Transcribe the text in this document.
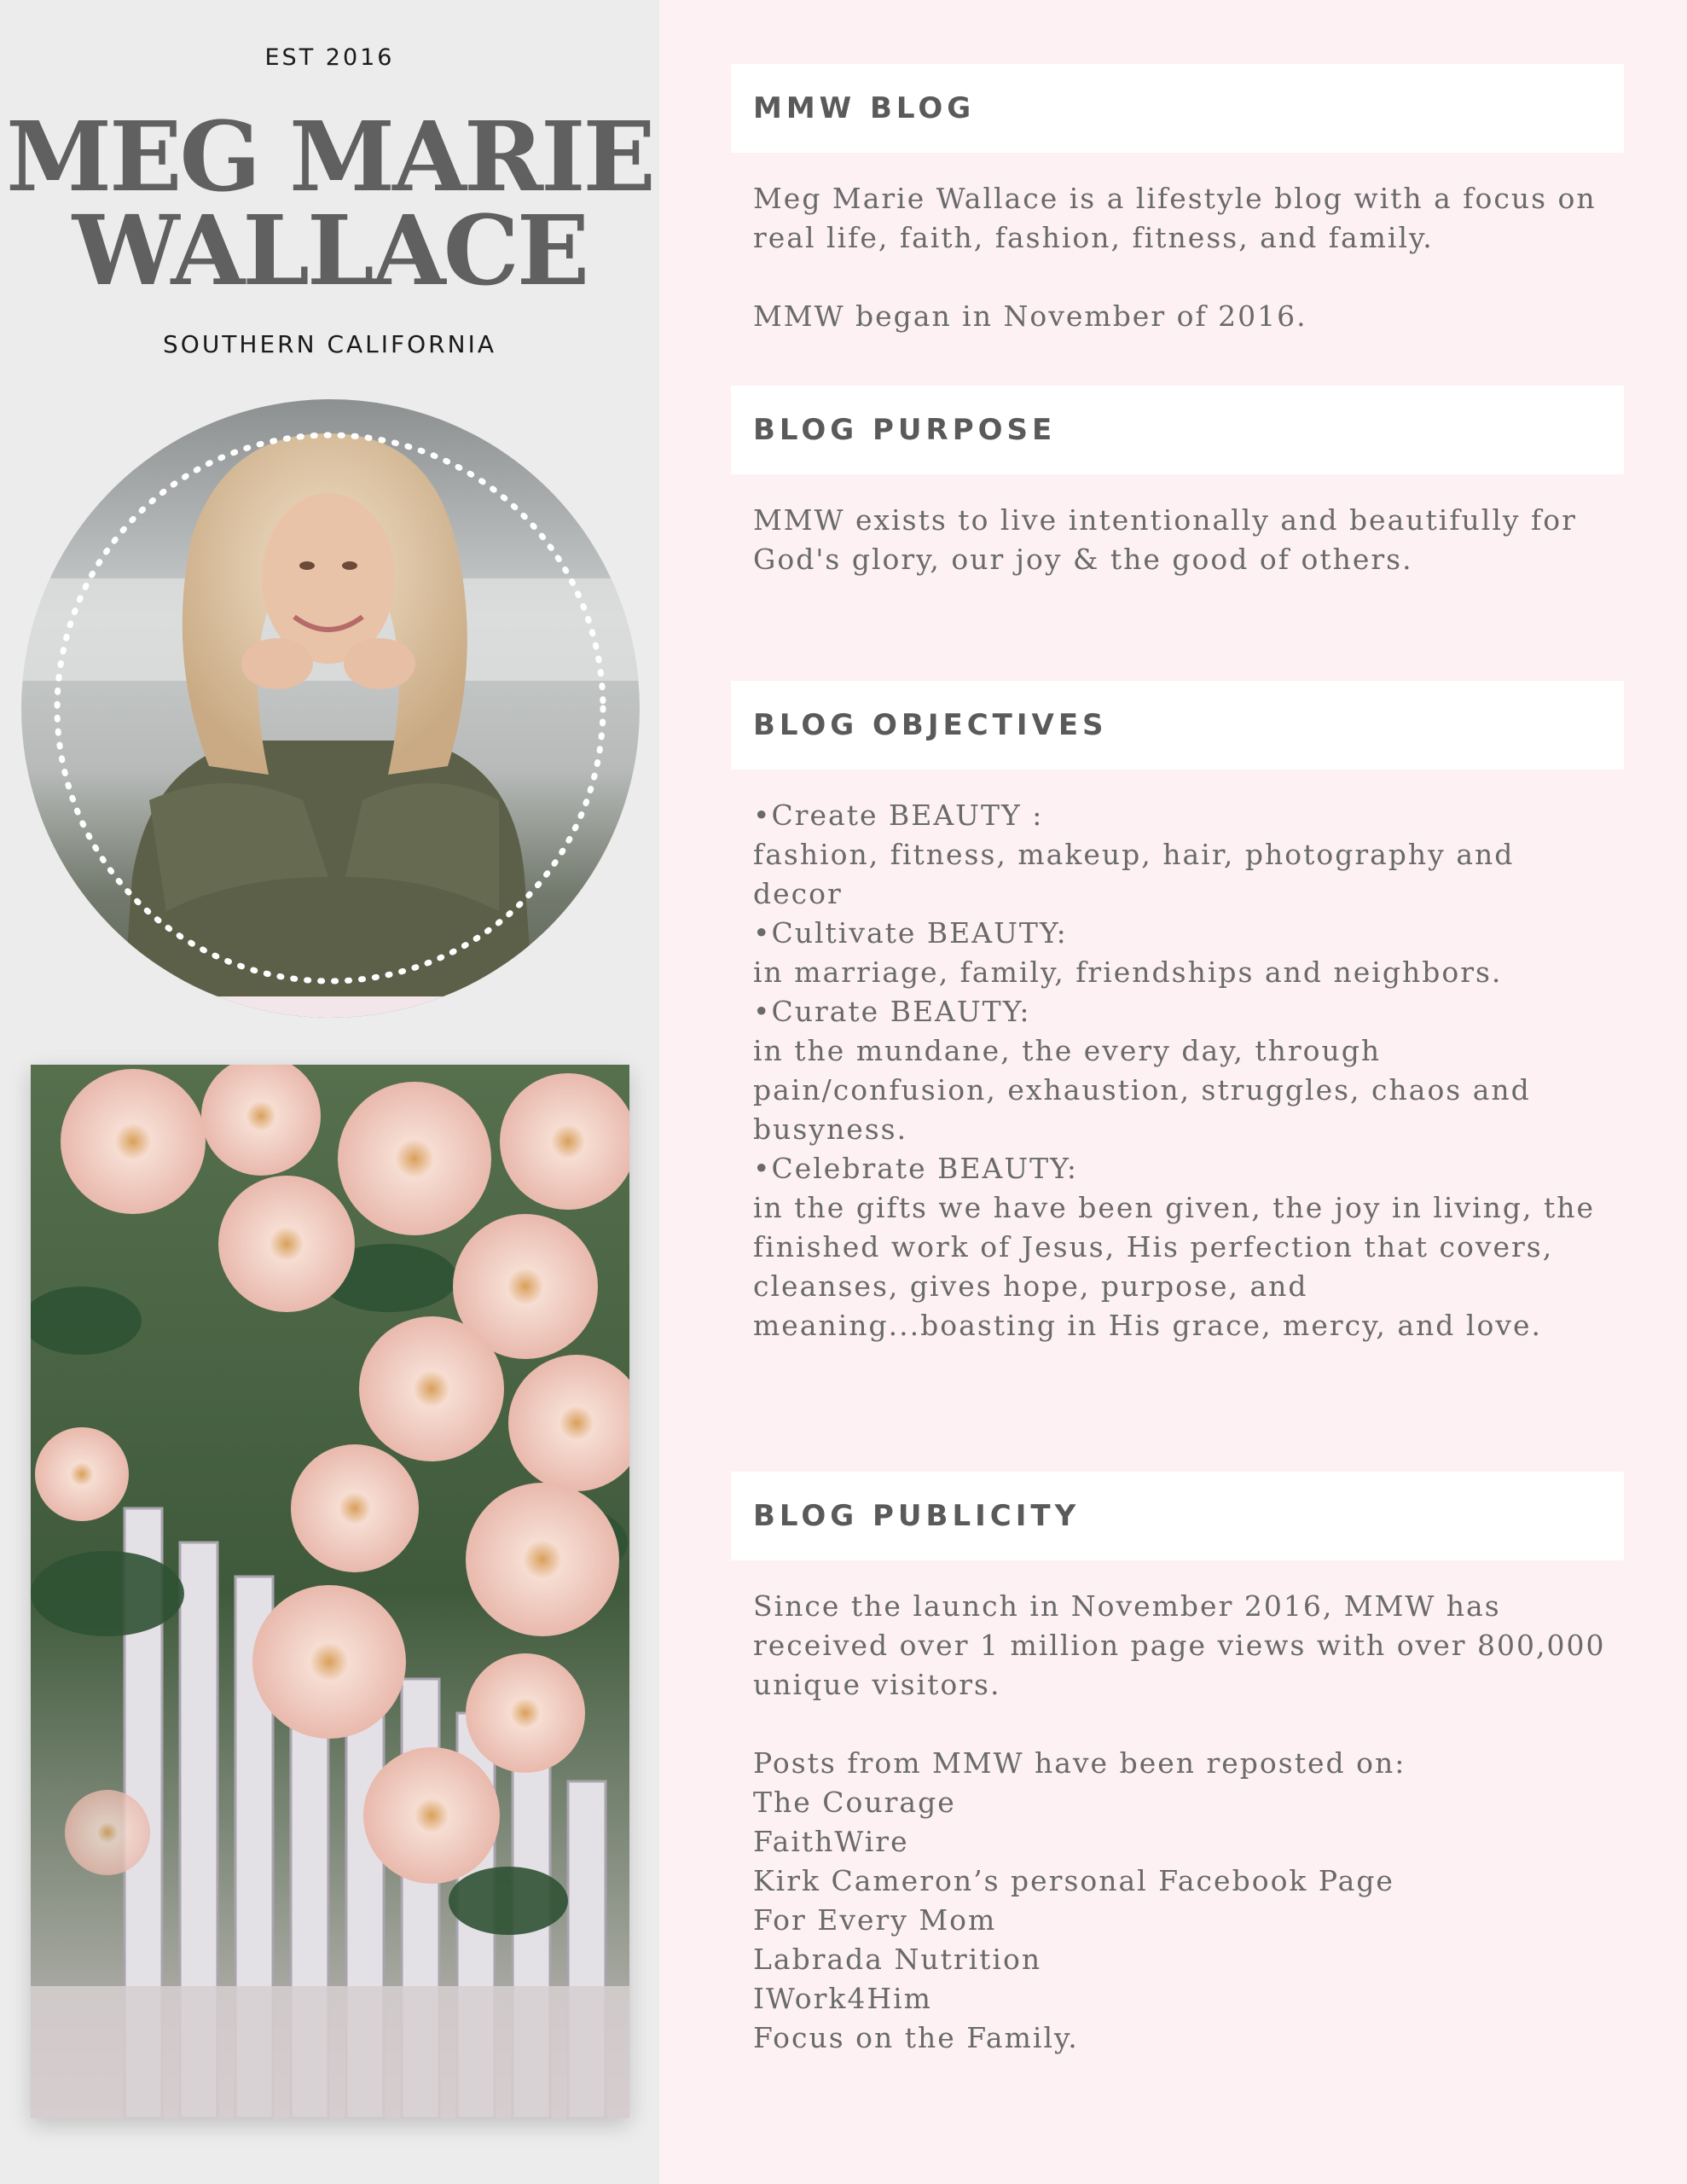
EST 2016
MEG MARIE
WALLACE
SOUTHERN CALIFORNIA
MMW BLOG
Meg Marie Wallace is a lifestyle blog with a focus on
real life, faith, fashion, fitness, and family.

MMW began in November of 2016.
BLOG PURPOSE
MMW exists to live intentionally and beautifully for
God's glory, our joy & the good of others.
BLOG OBJECTIVES
•Create BEAUTY :
fashion, fitness, makeup, hair, photography and
decor
•Cultivate BEAUTY:
in marriage, family, friendships and neighbors.
•Curate BEAUTY:
in the mundane, the every day, through
pain/confusion, exhaustion, struggles, chaos and
busyness.
•Celebrate BEAUTY:
in the gifts we have been given, the joy in living, the
finished work of Jesus, His perfection that covers,
cleanses, gives hope, purpose, and
meaning...boasting in His grace, mercy, and love.
BLOG PUBLICITY
Since the launch in November 2016, MMW has
received over 1 million page views with over 800,000
unique visitors.

Posts from MMW have been reposted on:
The Courage
FaithWire
Kirk Cameron’s personal Facebook Page
For Every Mom
Labrada Nutrition
IWork4Him
Focus on the Family.
